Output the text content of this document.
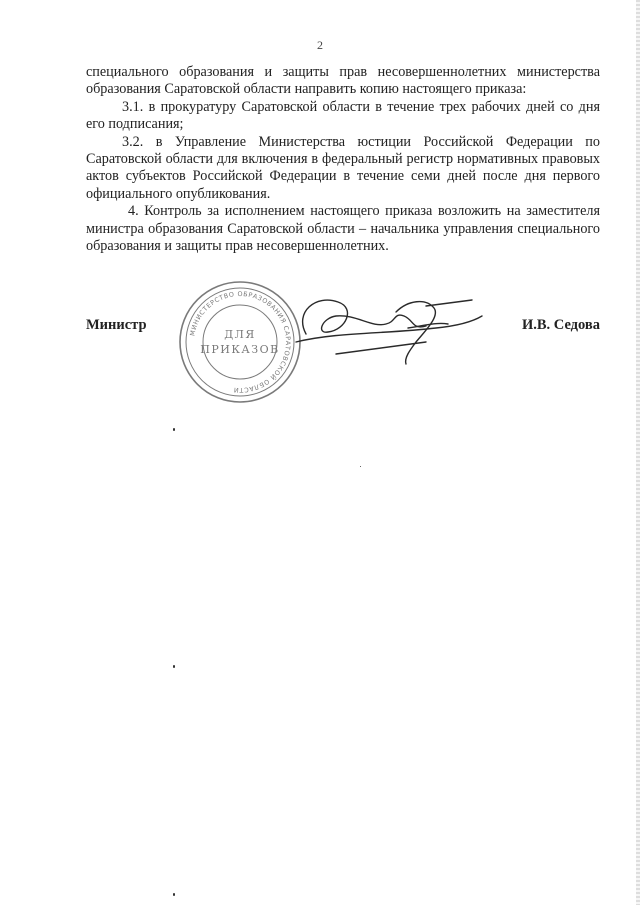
2

специального образования и защиты прав несовершеннолетних министерства образования Саратовской области направить копию настоящего приказа:

3.1. в прокуратуру Саратовской области в течение трех рабочих дней со дня его подписания;

3.2. в Управление Министерства юстиции Российской Федерации по Саратовской области для включения в федеральный регистр нормативных правовых актов субъектов Российской Федерации в течение семи дней после дня первого официального опубликования.

4. Контроль за исполнением настоящего приказа возложить на заместителя министра образования Саратовской области – начальника управления специального образования и защиты прав несовершеннолетних.

Министр	И.В. Седова
МИНИСТЕРСТВО ОБРАЗОВАНИЯ САРАТОВСКОЙ ОБЛАСТИ
ДЛЯ
ПРИКАЗОВ
